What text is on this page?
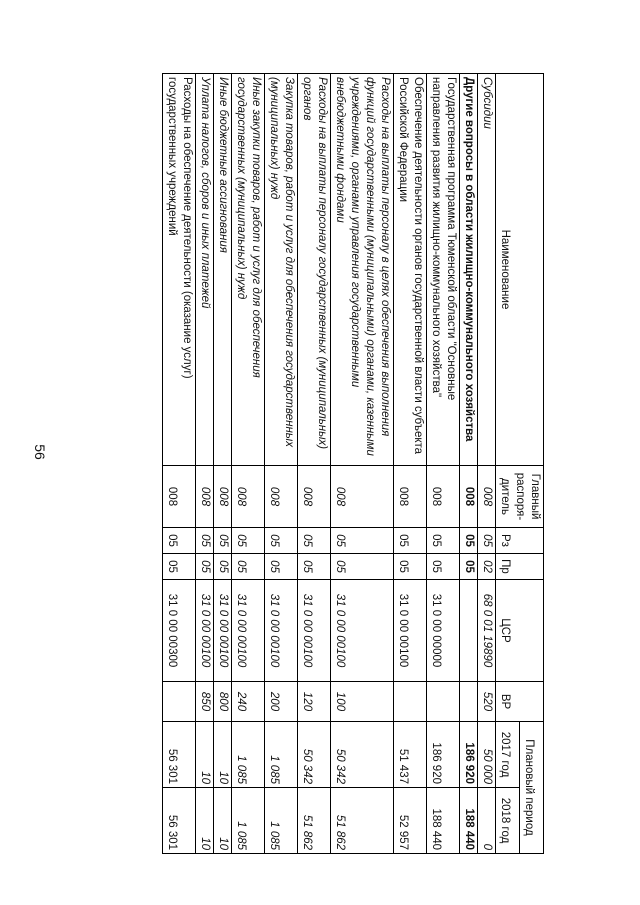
56
Наименование	Главный распоря-дитель	Рз	Пр	ЦСР	ВР	Плановый период	
						2017 год	2018 год
Субсидии	008	05	02	68 0 01 19890	520	50 000	0
Другие вопросы в области жилищно-коммунального хозяйства	008	05	05			186 920	188 440
Государственная программа Тюменской области "Основные направления развития жилищно-коммунального хозяйства"	008	05	05	31 0 00 00000		186 920	188 440
Обеспечение деятельности органов государственной власти субъекта Российской Федерации	008	05	05	31 0 00 00100		51 437	52 957
Расходы на выплаты персоналу в целях обеспечения выполнения функций государственными (муниципальными) органами, казенными учреждениями, органами управления государственными внебюджетными фондами	008	05	05	31 0 00 00100	100	50 342	51 862
Расходы на выплаты персоналу государственных (муниципальных) органов	008	05	05	31 0 00 00100	120	50 342	51 862
Закупка товаров, работ и услуг для обеспечения государственных (муниципальных) нужд	008	05	05	31 0 00 00100	200	1 085	1 085
Иные закупки товаров, работ и услуг для обеспечения государственных (муниципальных) нужд	008	05	05	31 0 00 00100	240	1 085	1 085
Иные бюджетные ассигнования	008	05	05	31 0 00 00100	800	10	10
Уплата налогов, сборов и иных платежей	008	05	05	31 0 00 00100	850	10	10
Расходы на обеспечение деятельности (оказание услуг) государственных учреждений	008	05	05	31 0 00 00300		56 301	56 301
